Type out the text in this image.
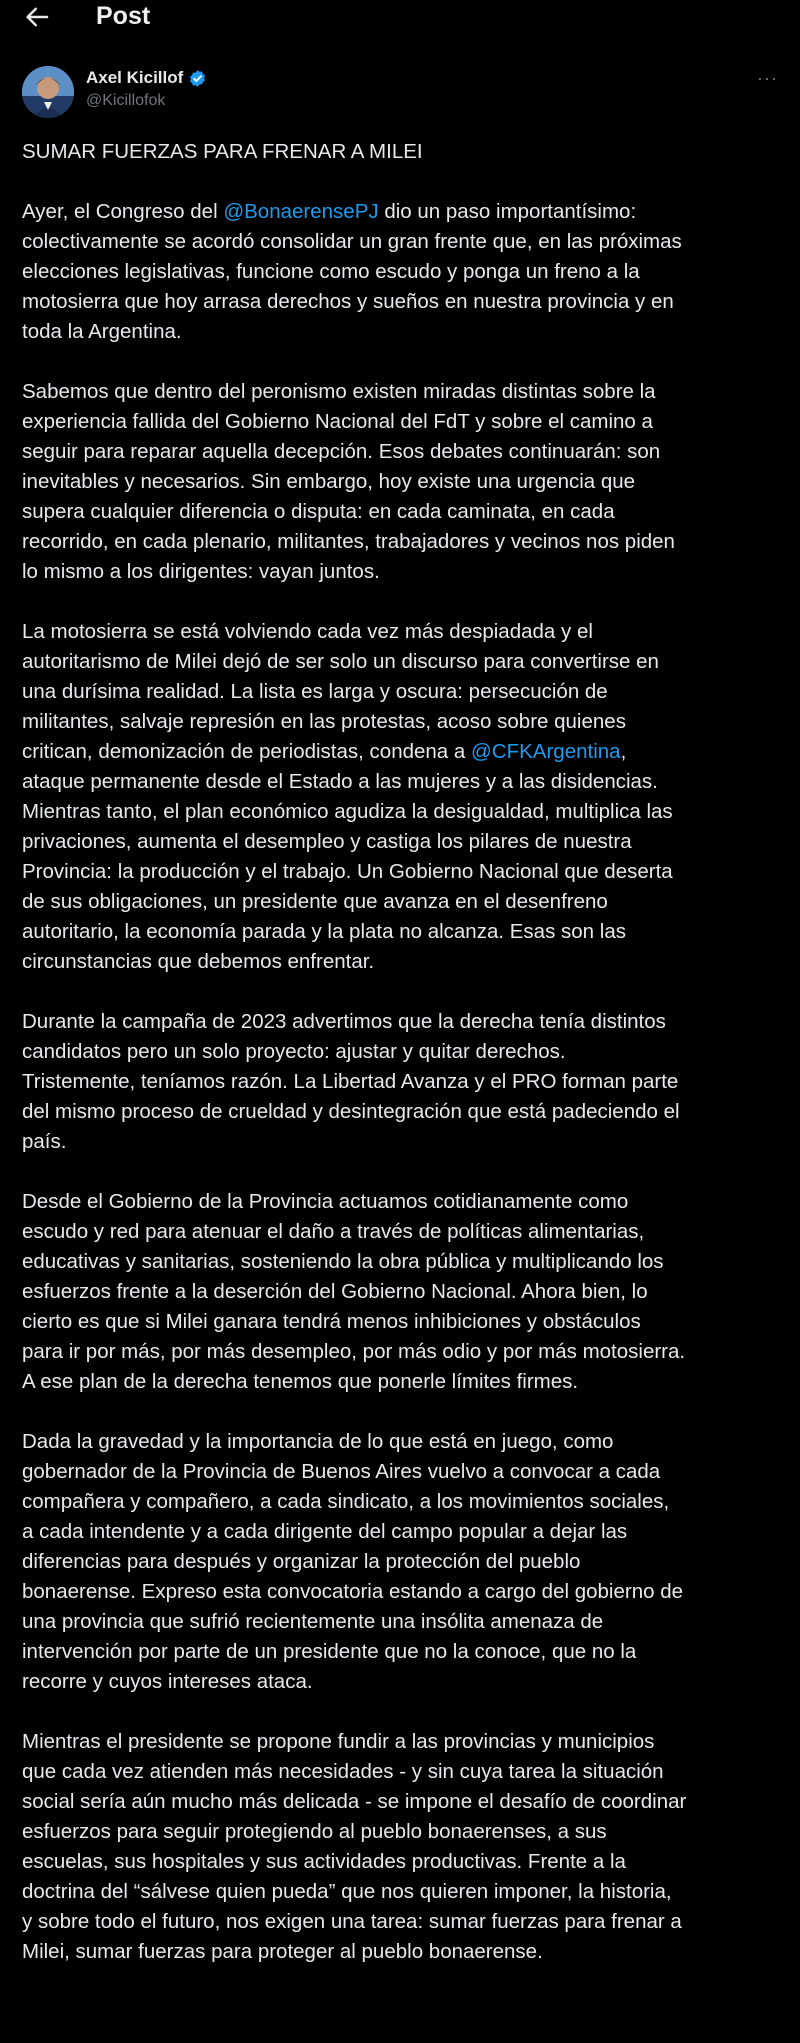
Post
Axel Kicillof
@Kicillofok
···

SUMAR FUERZAS PARA FRENAR A MILEI

Ayer, el Congreso del @BonaerensePJ dio un paso importantísimo:
colectivamente se acordó consolidar un gran frente que, en las próximas
elecciones legislativas, funcione como escudo y ponga un freno a la
motosierra que hoy arrasa derechos y sueños en nuestra provincia y en
toda la Argentina.

Sabemos que dentro del peronismo existen miradas distintas sobre la
experiencia fallida del Gobierno Nacional del FdT y sobre el camino a
seguir para reparar aquella decepción. Esos debates continuarán: son
inevitables y necesarios. Sin embargo, hoy existe una urgencia que
supera cualquier diferencia o disputa: en cada caminata, en cada
recorrido, en cada plenario, militantes, trabajadores y vecinos nos piden
lo mismo a los dirigentes: vayan juntos.

La motosierra se está volviendo cada vez más despiadada y el
autoritarismo de Milei dejó de ser solo un discurso para convertirse en
una durísima realidad. La lista es larga y oscura: persecución de
militantes, salvaje represión en las protestas, acoso sobre quienes
critican, demonización de periodistas, condena a @CFKArgentina,
ataque permanente desde el Estado a las mujeres y a las disidencias.
Mientras tanto, el plan económico agudiza la desigualdad, multiplica las
privaciones, aumenta el desempleo y castiga los pilares de nuestra
Provincia: la producción y el trabajo. Un Gobierno Nacional que deserta
de sus obligaciones, un presidente que avanza en el desenfreno
autoritario, la economía parada y la plata no alcanza. Esas son las
circunstancias que debemos enfrentar.

Durante la campaña de 2023 advertimos que la derecha tenía distintos
candidatos pero un solo proyecto: ajustar y quitar derechos.
Tristemente, teníamos razón. La Libertad Avanza y el PRO forman parte
del mismo proceso de crueldad y desintegración que está padeciendo el
país.

Desde el Gobierno de la Provincia actuamos cotidianamente como
escudo y red para atenuar el daño a través de políticas alimentarias,
educativas y sanitarias, sosteniendo la obra pública y multiplicando los
esfuerzos frente a la deserción del Gobierno Nacional. Ahora bien, lo
cierto es que si Milei ganara tendrá menos inhibiciones y obstáculos
para ir por más, por más desempleo, por más odio y por más motosierra.
A ese plan de la derecha tenemos que ponerle límites firmes.

Dada la gravedad y la importancia de lo que está en juego, como
gobernador de la Provincia de Buenos Aires vuelvo a convocar a cada
compañera y compañero, a cada sindicato, a los movimientos sociales,
a cada intendente y a cada dirigente del campo popular a dejar las
diferencias para después y organizar la protección del pueblo
bonaerense. Expreso esta convocatoria estando a cargo del gobierno de
una provincia que sufrió recientemente una insólita amenaza de
intervención por parte de un presidente que no la conoce, que no la
recorre y cuyos intereses ataca.

Mientras el presidente se propone fundir a las provincias y municipios
que cada vez atienden más necesidades - y sin cuya tarea la situación
social sería aún mucho más delicada - se impone el desafío de coordinar
esfuerzos para seguir protegiendo al pueblo bonaerenses, a sus
escuelas, sus hospitales y sus actividades productivas. Frente a la
doctrina del “sálvese quien pueda” que nos quieren imponer, la historia,
y sobre todo el futuro, nos exigen una tarea: sumar fuerzas para frenar a
Milei, sumar fuerzas para proteger al pueblo bonaerense.
